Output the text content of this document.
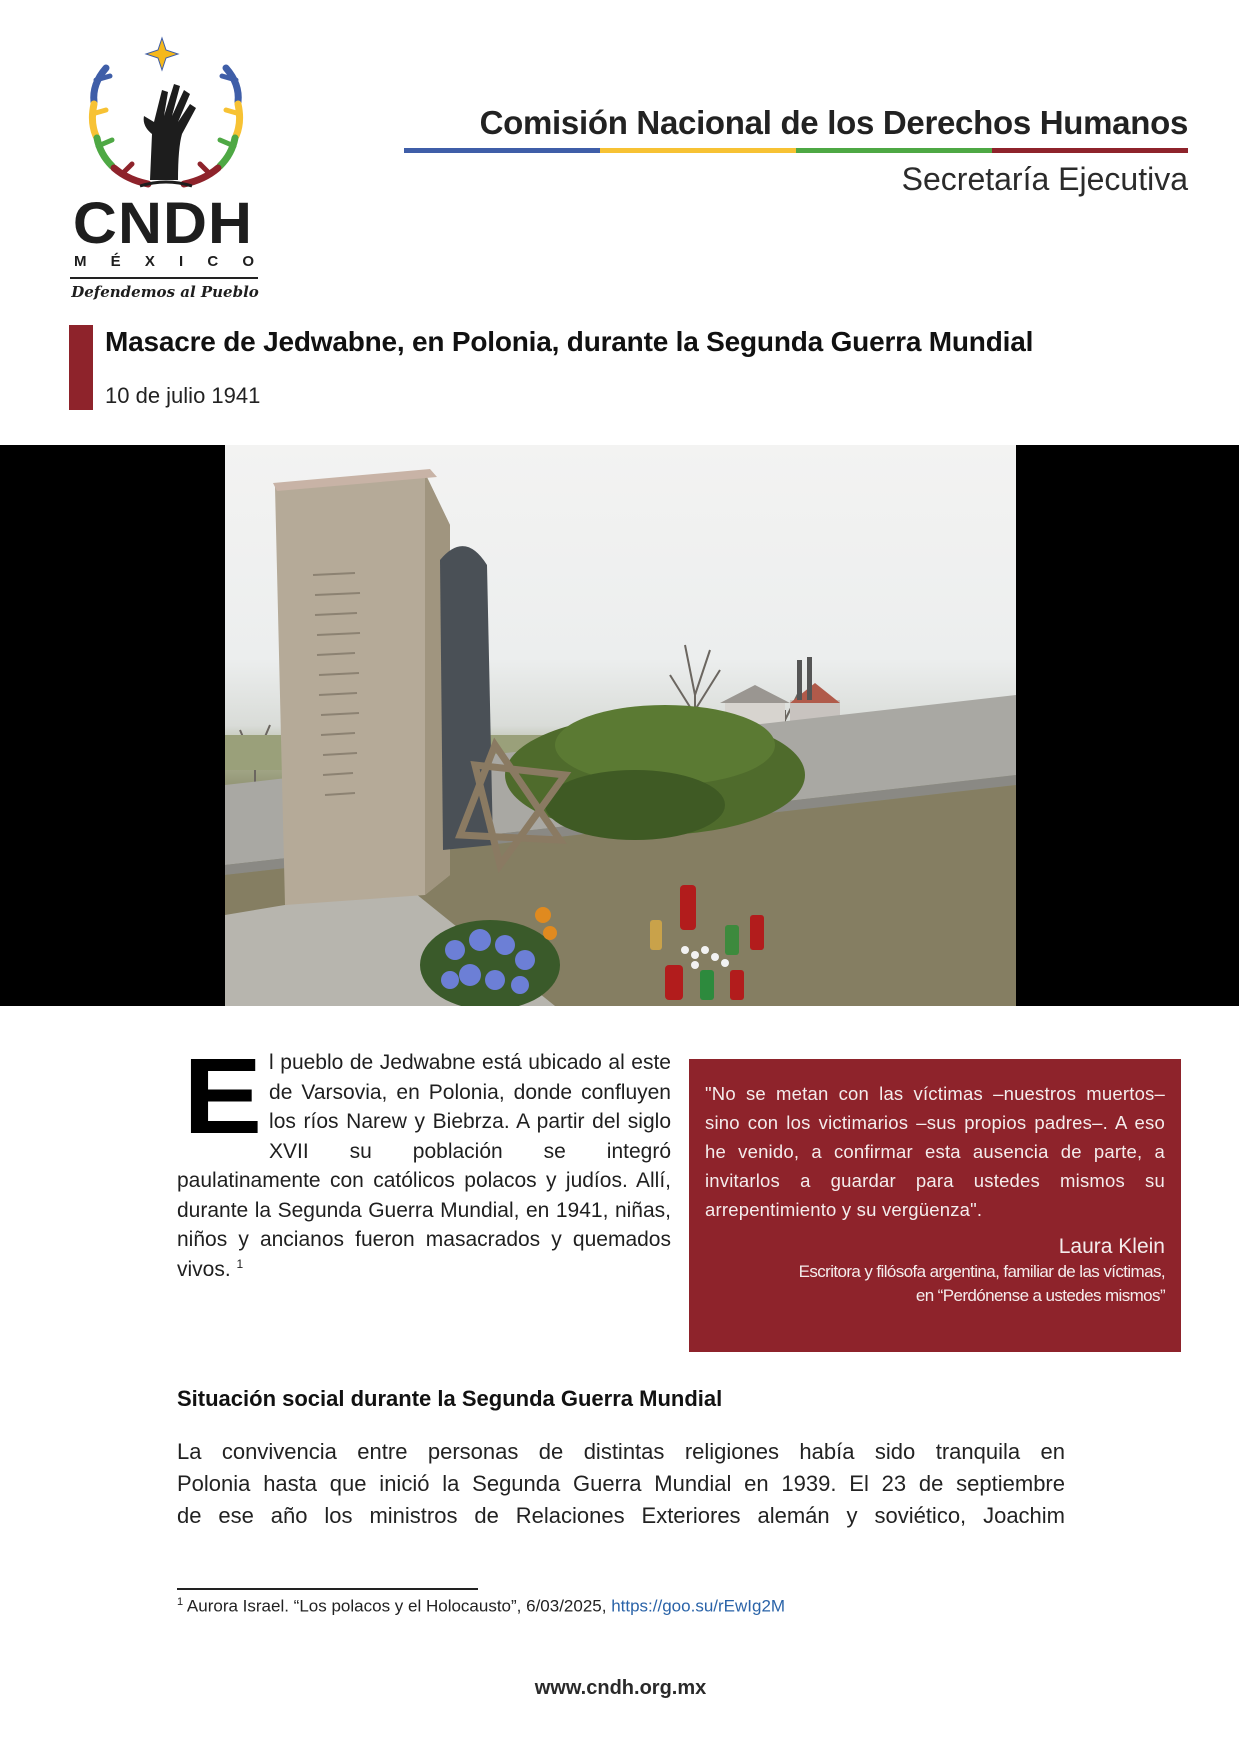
CNDH
M É X I C O
Defendemos al Pueblo
Comisión Nacional de los Derechos Humanos
Secretaría Ejecutiva
Masacre de Jedwabne, en Polonia, durante la Segunda Guerra Mundial
10 de julio 1941
El pueblo de Jedwabne está ubicado al este de Varsovia, en Polonia, donde confluyen los ríos Narew y Biebrza. A partir del siglo XVII su población se integró paulatinamente con católicos polacos y judíos. Allí, durante la Segunda Guerra Mundial, en 1941, niñas, niños y ancianos fueron masacrados y quemados vivos. $^1$
"No se metan con las víctimas –nuestros muertos– sino con los victimarios –sus propios padres–. A eso he venido, a confirmar esta ausencia de parte, a invitarlos a guardar para ustedes mismos su arrepentimiento y su vergüenza".
Laura Klein
Escritora y filósofa argentina, familiar de las víctimas,
en “Perdónense a ustedes mismos”
Situación social durante la Segunda Guerra Mundial
La convivencia entre personas de distintas religiones había sido tranquila en
Polonia hasta que inició la Segunda Guerra Mundial en 1939. El 23 de septiembre
de ese año los ministros de Relaciones Exteriores alemán y soviético, Joachim
$^1$ Aurora Israel. “Los polacos y el Holocausto”, 6/03/2025, https://goo.su/rEwIg2M
www.cndh.org.mx
